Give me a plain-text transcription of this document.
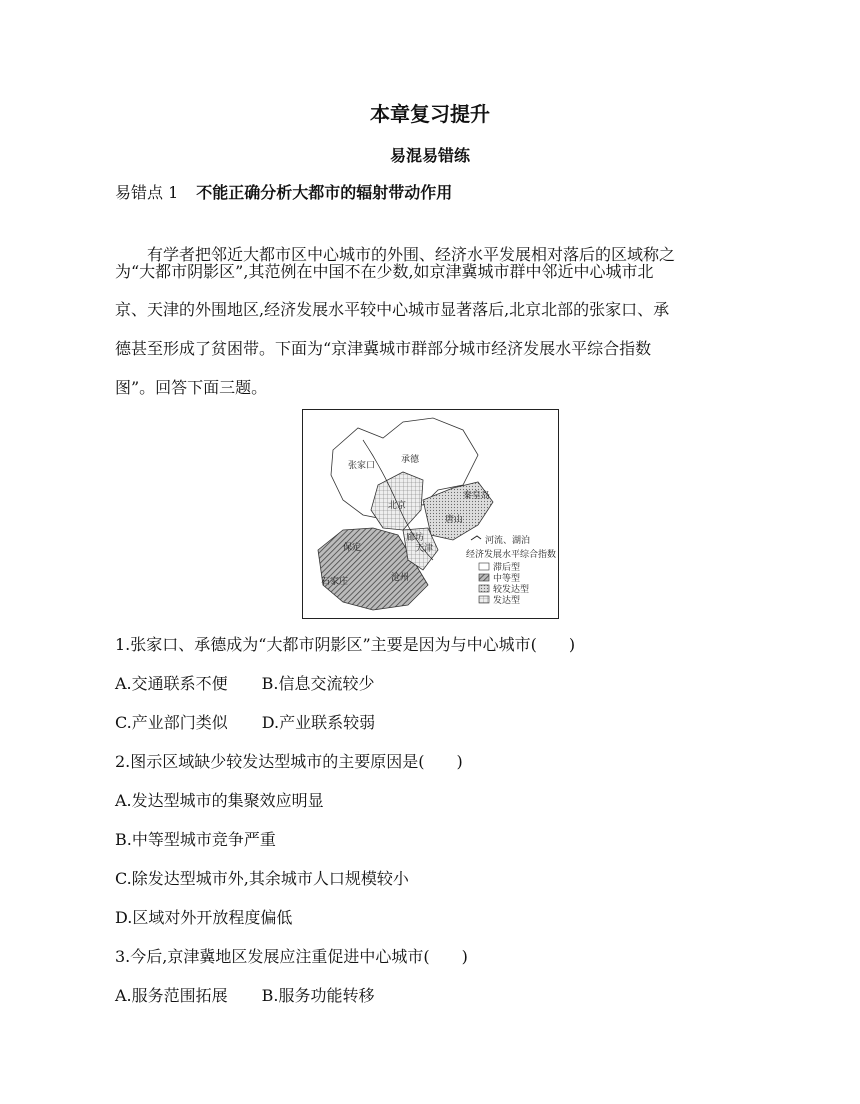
本章复习提升
易混易错练
易错点 1 不能正确分析大都市的辐射带动作用
有学者把邻近大都市区中心城市的外围、经济水平发展相对落后的区域称之
为“大都市阴影区”,其范例在中国不在少数,如京津冀城市群中邻近中心城市北
京、天津的外围地区,经济发展水平较中心城市显著落后,北京北部的张家口、承
德甚至形成了贫困带。下面为“京津冀城市群部分城市经济发展水平综合指数
图”。回答下面三题。
张家口
承德
北京
唐山
秦皇岛
廊坊
天津
保定
沧州
石家庄
河流、湖泊
经济发展水平综合指数
滞后型
中等型
较发达型
发达型
1.张家口、承德成为“大都市阴影区”主要是因为与中心城市(　　)
A.交通联系不便 B.信息交流较少
C.产业部门类似 D.产业联系较弱
2.图示区域缺少较发达型城市的主要原因是(　　)
A.发达型城市的集聚效应明显
B.中等型城市竞争严重
C.除发达型城市外,其余城市人口规模较小
D.区域对外开放程度偏低
3.今后,京津冀地区发展应注重促进中心城市(　　)
A.服务范围拓展 B.服务功能转移
